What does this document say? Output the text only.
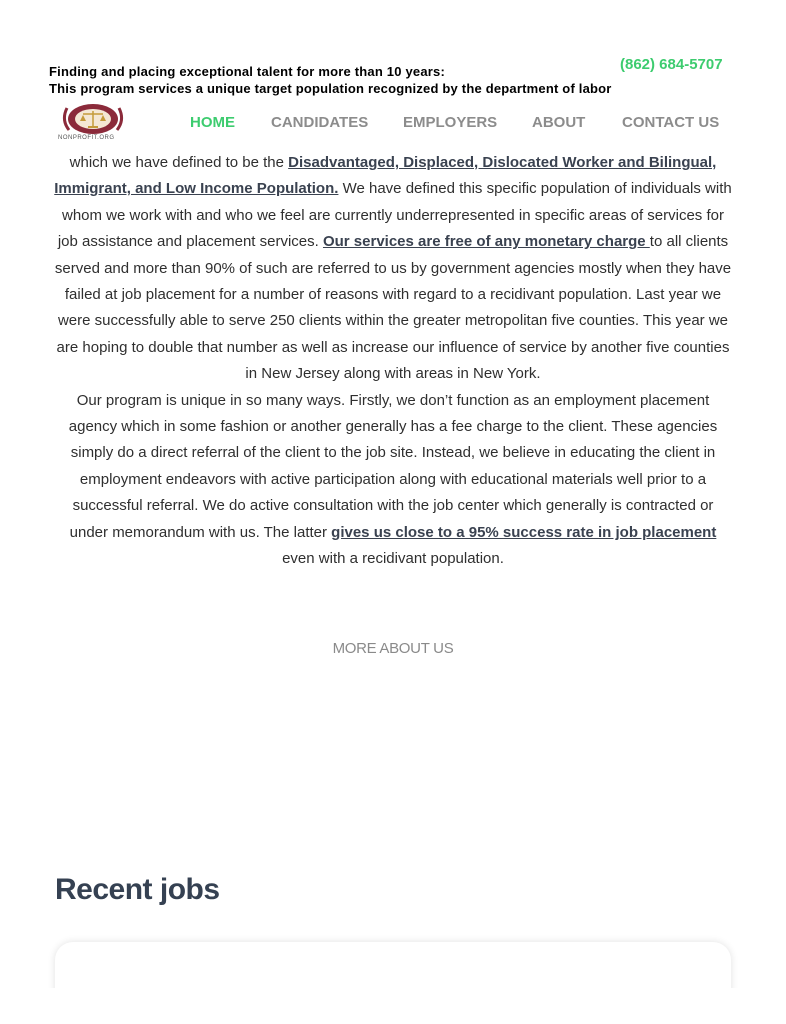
Finding and placing exceptional talent for more than 10 years:
This program services a unique target population recognized by the department of labor
(862) 684-5707
NONPROFIT.ORG
HOME CANDIDATES EMPLOYERS ABOUT CONTACT US

which we have defined to be the Disadvantaged, Displaced, Dislocated Worker and Bilingual, Immigrant, and Low Income Population. We have defined this specific population of individuals with whom we work with and who we feel are currently underrepresented in specific areas of services for job assistance and placement services. Our services are free of any monetary charge to all clients served and more than 90% of such are referred to us by government agencies mostly when they have failed at job placement for a number of reasons with regard to a recidivant population. Last year we were successfully able to serve 250 clients within the greater metropolitan five counties. This year we are hoping to double that number as well as increase our influence of service by another five counties in New Jersey along with areas in New York.

Our program is unique in so many ways. Firstly, we don’t function as an employment placement agency which in some fashion or another generally has a fee charge to the client. These agencies simply do a direct referral of the client to the job site. Instead, we believe in educating the client in employment endeavors with active participation along with educational materials well prior to a successful referral. We do active consultation with the job center which generally is contracted or under memorandum with us. The latter gives us close to a 95% success rate in job placement even with a recidivant population.

MORE ABOUT US
Recent jobs
